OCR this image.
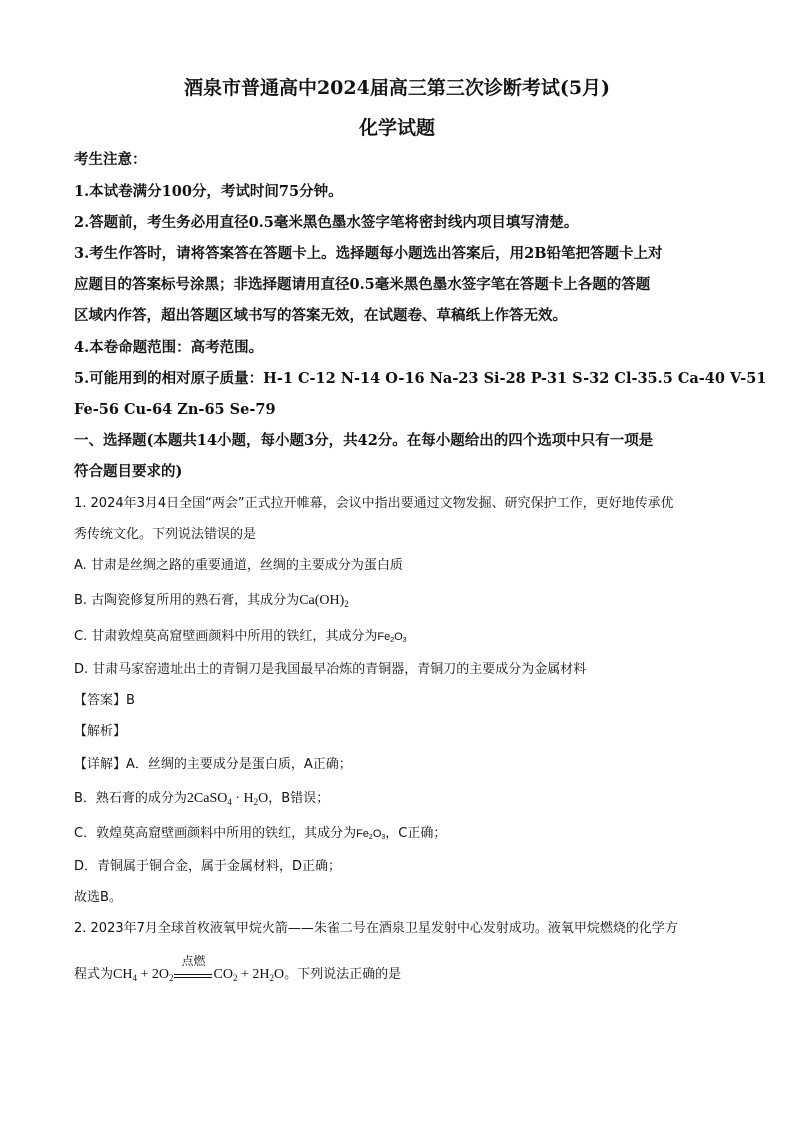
酒泉市普通高中2024届高三第三次诊断考试(5月)
化学试题
考生注意：
1.本试卷满分100分，考试时间75分钟。
2.答题前，考生务必用直径0.5毫米黑色墨水签字笔将密封线内项目填写清楚。
3.考生作答时，请将答案答在答题卡上。选择题每小题选出答案后，用2B铅笔把答题卡上对
应题目的答案标号涂黑；非选择题请用直径0.5毫米黑色墨水签字笔在答题卡上各题的答题
区域内作答，超出答题区域书写的答案无效，在试题卷、草稿纸上作答无效。
4.本卷命题范围：高考范围。
5.可能用到的相对原子质量：H-1 C-12 N-14 O-16 Na-23 Si-28 P-31 S-32 Cl-35.5 Ca-40 V-51
Fe-56 Cu-64 Zn-65 Se-79
一、选择题(本题共14小题，每小题3分，共42分。在每小题给出的四个选项中只有一项是
符合题目要求的)
1. 2024年3月4日全国“两会”正式拉开帷幕，会议中指出要通过文物发掘、研究保护工作，更好地传承优
秀传统文化。下列说法错误的是
A. 甘肃是丝绸之路的重要通道，丝绸的主要成分为蛋白质
B. 古陶瓷修复所用的熟石膏，其成分为$Ca(OH)_2$
C. 甘肃敦煌莫高窟壁画颜料中所用的铁红，其成分为$Fe_2O_3$
D. 甘肃马家窑遗址出土的青铜刀是我国最早冶炼的青铜器，青铜刀的主要成分为金属材料
【答案】B
【解析】
【详解】A．丝绸的主要成分是蛋白质，A正确；
B．熟石膏的成分为2CaSO$_4$ · $H_2O$，B错误；
C．敦煌莫高窟壁画颜料中所用的铁红，其成分为$Fe_2O_3$，C正确；
D．青铜属于铜合金，属于金属材料，D正确；
故选B。
2. 2023年7月全球首枚液氧甲烷火箭——朱雀二号在酒泉卫星发射中心发射成功。液氧甲烷燃烧的化学方
程式为$CH_4 + 2O_2$
点燃
$CO_2 + 2H_2O$。下列说法正确的是
